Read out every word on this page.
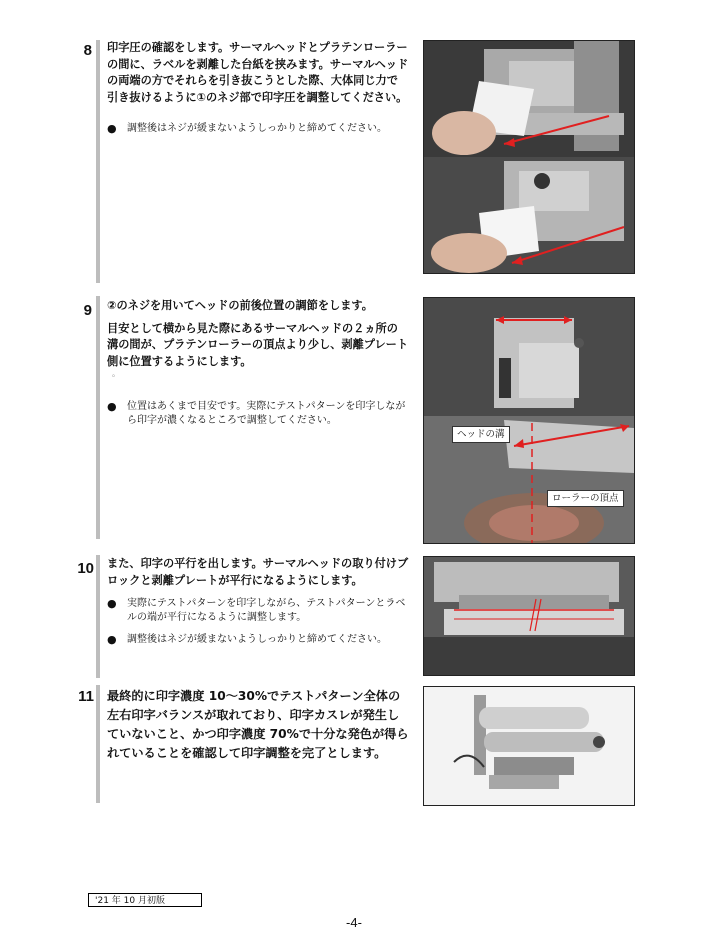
8 印字圧の確認をします。サーマルヘッドとプラテンローラーの間に、ラベルを剥離した台紙を挟みます。サーマルヘッドの両端の方でそれらを引き抜こうとした際、大体同じ力で引き抜けるように①のネジ部で印字圧を調整してください。

● 調整後はネジが緩まないようしっかりと締めてください。
9 ②のネジを用いてヘッドの前後位置の調節をします。

目安として横から見た際にあるサーマルヘッドの２ヵ所の溝の間が、プラテンローラーの頂点より少し、剥離プレート側に位置するようにします。

。
● 位置はあくまで目安です。実際にテストパターンを印字しながら印字が濃くなるところで調整してください。
ヘッドの溝
ローラーの頂点
10 また、印字の平行を出します。サーマルヘッドの取り付けブロックと剥離プレートが平行になるようにします。

● 実際にテストパターンを印字しながら、テストパターンとラベルの端が平行になるように調整します。
● 調整後はネジが緩まないようしっかりと締めてください。
11 最終的に印字濃度 10～30%でテストパターン全体の左右印字バランスが取れており、印字カスレが発生していないこと、かつ印字濃度 70%で十分な発色が得られていることを確認して印字調整を完了とします。

'21 年 10 月初版
-4-
